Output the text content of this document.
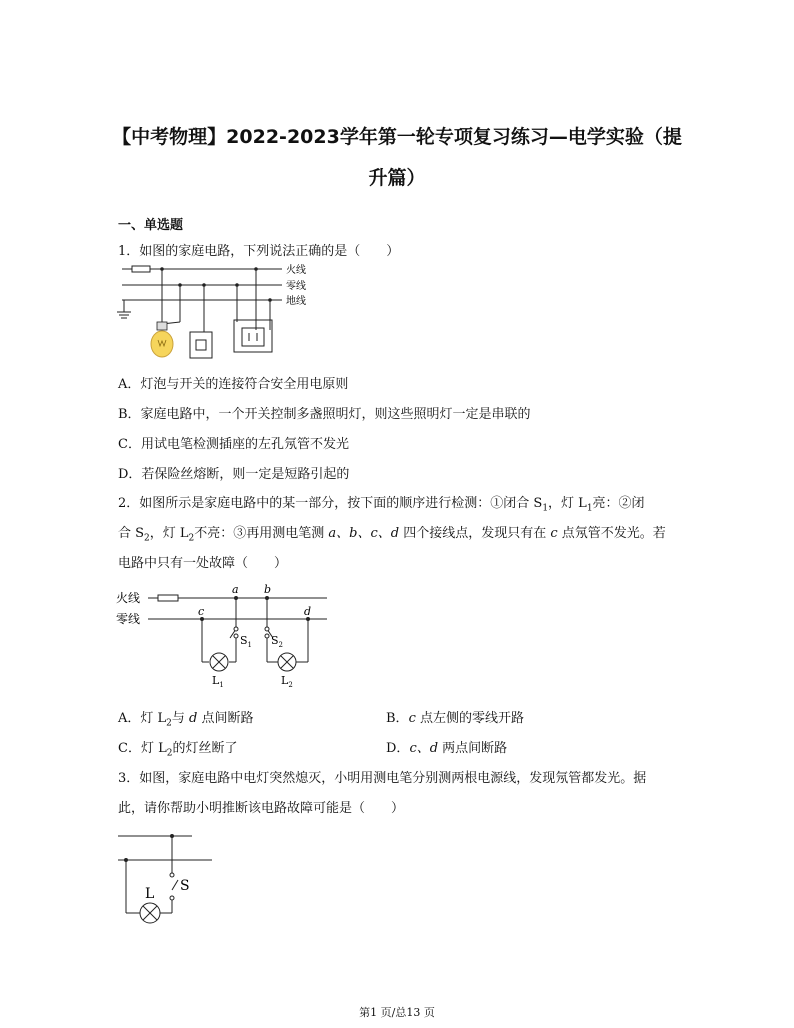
【中考物理】2022-2023学年第一轮专项复习练习—电学实验（提
升篇）
一、单选题
1．如图的家庭电路，下列说法正确的是（　　）
火线
零线
地线
A．灯泡与开关的连接符合安全用电原则
B．家庭电路中，一个开关控制多盏照明灯，则这些照明灯一定是串联的
C．用试电笔检测插座的左孔氖管不发光
D．若保险丝熔断，则一定是短路引起的
2．如图所示是家庭电路中的某一部分，按下面的顺序进行检测：①闭合 $S_1$，灯 $L_1$亮：②闭
合 $S_2$，灯 $L_2$不亮：③再用测电笔测 a、b、c、d 四个接线点，发现只有在 c 点氖管不发光。若
电路中只有一处故障（　　）
火线
零线
a b
c	d
$S_1$ $S_2$
$L_1$	$L_2$
A．灯 $L_2$与 d 点间断路	B．c 点左侧的零线开路
C．灯 $L_2$的灯丝断了	D．c、d 两点间断路
3．如图，家庭电路中电灯突然熄灭，小明用测电笔分别测两根电源线，发现氖管都发光。据
此，请你帮助小明推断该电路故障可能是（　　）
L S
第1 页/总13 页
